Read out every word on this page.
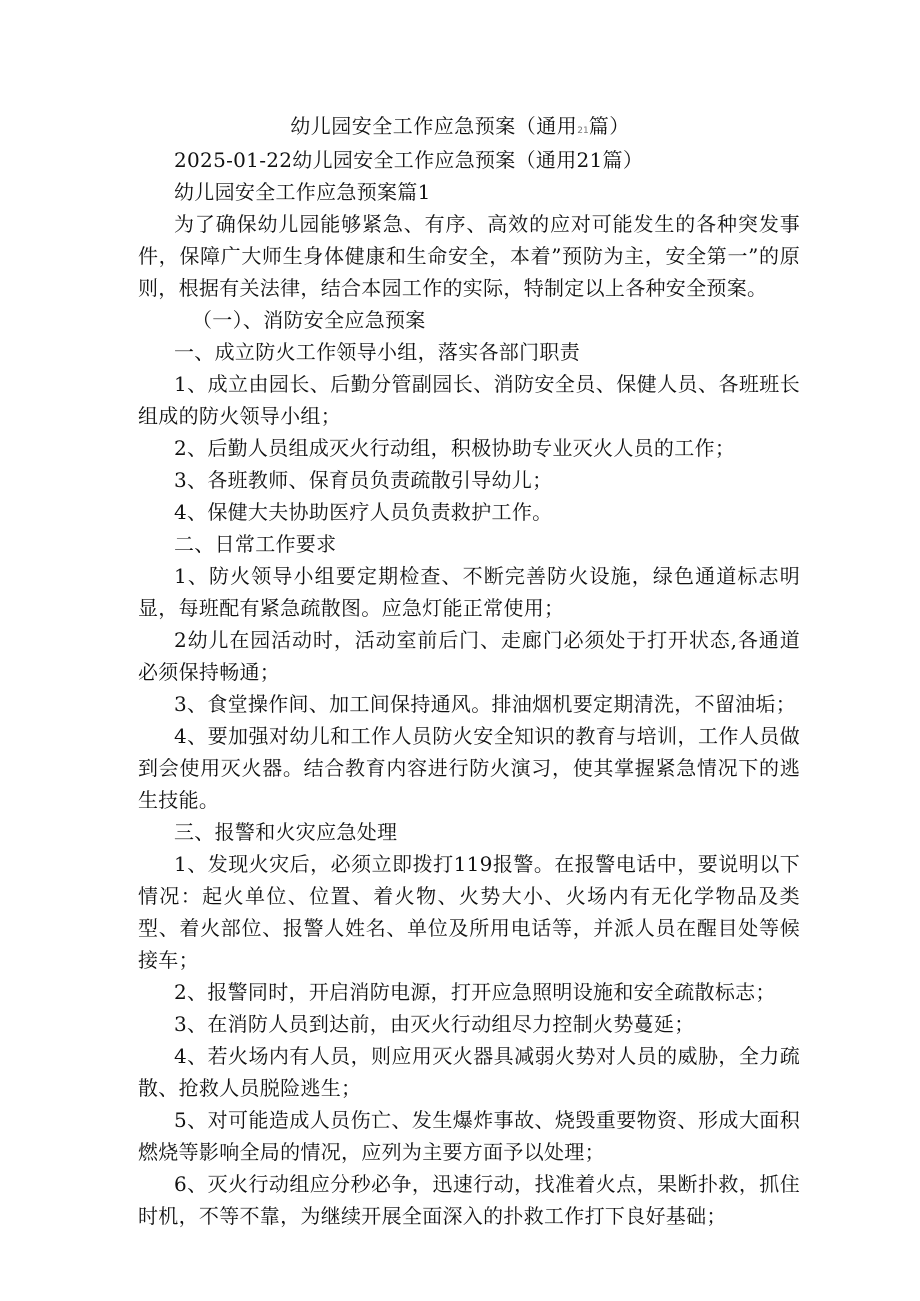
幼儿园安全工作应急预案（通用21篇）

2025-01-22幼儿园安全工作应急预案（通用21篇）

幼儿园安全工作应急预案篇1

为了确保幼儿园能够紧急、有序、高效的应对可能发生的各种突发事件，保障广大师生身体健康和生命安全，本着”预防为主，安全第一”的原则，根据有关法律，结合本园工作的实际，特制定以上各种安全预案。

（一）、消防安全应急预案

一、成立防火工作领导小组，落实各部门职责

1、成立由园长、后勤分管副园长、消防安全员、保健人员、各班班长组成的防火领导小组；

2、后勤人员组成灭火行动组，积极协助专业灭火人员的工作；

3、各班教师、保育员负责疏散引导幼儿；

4、保健大夫协助医疗人员负责救护工作。

二、日常工作要求

1、防火领导小组要定期检查、不断完善防火设施，绿色通道标志明显，每班配有紧急疏散图。应急灯能正常使用；

2幼儿在园活动时，活动室前后门、走廊门必须处于打开状态,各通道必须保持畅通；

3、食堂操作间、加工间保持通风。排油烟机要定期清洗，不留油垢；

4、要加强对幼儿和工作人员防火安全知识的教育与培训，工作人员做到会使用灭火器。结合教育内容进行防火演习，使其掌握紧急情况下的逃生技能。

三、报警和火灾应急处理

1、发现火灾后，必须立即拨打119报警。在报警电话中，要说明以下情况：起火单位、位置、着火物、火势大小、火场内有无化学物品及类型、着火部位、报警人姓名、单位及所用电话等，并派人员在醒目处等候接车；

2、报警同时，开启消防电源，打开应急照明设施和安全疏散标志；

3、在消防人员到达前，由灭火行动组尽力控制火势蔓延；

4、若火场内有人员，则应用灭火器具减弱火势对人员的威胁，全力疏散、抢救人员脱险逃生；

5、对可能造成人员伤亡、发生爆炸事故、烧毁重要物资、形成大面积燃烧等影响全局的情况，应列为主要方面予以处理；

6、灭火行动组应分秒必争，迅速行动，找准着火点，果断扑救，抓住时机，不等不靠，为继续开展全面深入的扑救工作打下良好基础；
